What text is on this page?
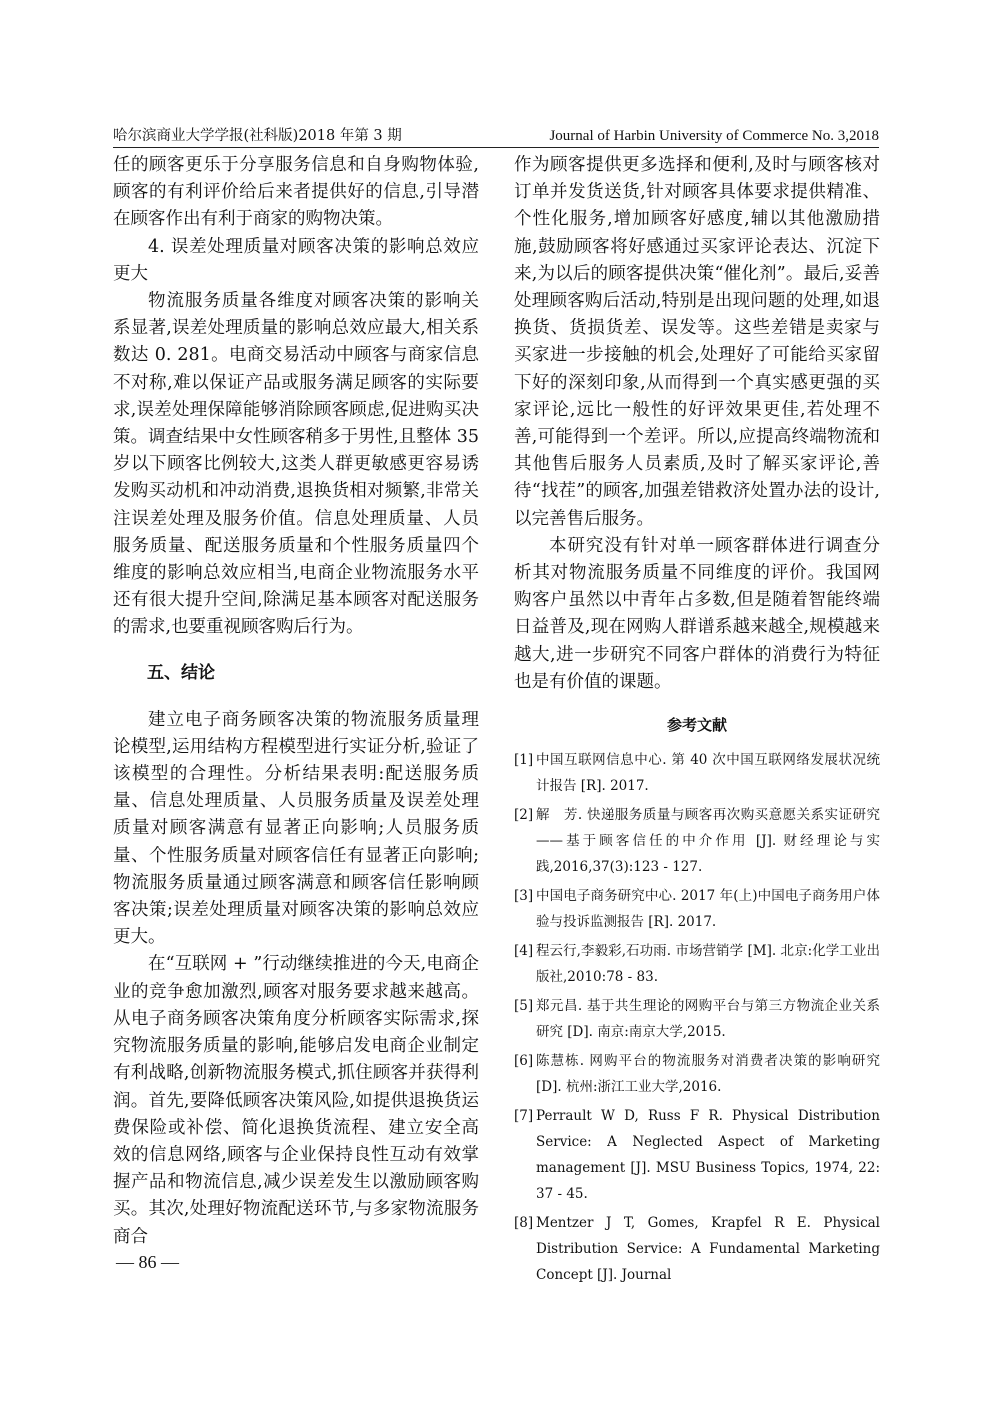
哈尔滨商业大学学报(社科版)2018 年第 3 期	Journal of Harbin University of Commerce No. 3,2018

任的顾客更乐于分享服务信息和自身购物体验,顾客的有利评价给后来者提供好的信息,引导潜在顾客作出有利于商家的购物决策。

4. 误差处理质量对顾客决策的影响总效应更大

物流服务质量各维度对顾客决策的影响关系显著,误差处理质量的影响总效应最大,相关系数达 0. 281。电商交易活动中顾客与商家信息不对称,难以保证产品或服务满足顾客的实际要求,误差处理保障能够消除顾客顾虑,促进购买决策。调查结果中女性顾客稍多于男性,且整体 35 岁以下顾客比例较大,这类人群更敏感更容易诱发购买动机和冲动消费,退换货相对频繁,非常关注误差处理及服务价值。信息处理质量、人员服务质量、配送服务质量和个性服务质量四个维度的影响总效应相当,电商企业物流服务水平还有很大提升空间,除满足基本顾客对配送服务的需求,也要重视顾客购后行为。

五、结论

建立电子商务顾客决策的物流服务质量理论模型,运用结构方程模型进行实证分析,验证了该模型的合理性。分析结果表明:配送服务质量、信息处理质量、人员服务质量及误差处理质量对顾客满意有显著正向影响;人员服务质量、个性服务质量对顾客信任有显著正向影响;物流服务质量通过顾客满意和顾客信任影响顾客决策;误差处理质量对顾客决策的影响总效应更大。

在“互联网 + ”行动继续推进的今天,电商企业的竞争愈加激烈,顾客对服务要求越来越高。从电子商务顾客决策角度分析顾客实际需求,探究物流服务质量的影响,能够启发电商企业制定有利战略,创新物流服务模式,抓住顾客并获得利润。首先,要降低顾客决策风险,如提供退换货运费保险或补偿、简化退换货流程、建立安全高效的信息网络,顾客与企业保持良性互动有效掌握产品和物流信息,减少误差发生以激励顾客购买。其次,处理好物流配送环节,与多家物流服务商合

作为顾客提供更多选择和便利,及时与顾客核对订单并发货送货,针对顾客具体要求提供精准、个性化服务,增加顾客好感度,辅以其他激励措施,鼓励顾客将好感通过买家评论表达、沉淀下来,为以后的顾客提供决策“催化剂”。最后,妥善处理顾客购后活动,特别是出现问题的处理,如退换货、货损货差、误发等。这些差错是卖家与买家进一步接触的机会,处理好了可能给买家留下好的深刻印象,从而得到一个真实感更强的买家评论,远比一般性的好评效果更佳,若处理不善,可能得到一个差评。所以,应提高终端物流和其他售后服务人员素质,及时了解买家评论,善待“找茬”的顾客,加强差错救济处置办法的设计,以完善售后服务。

本研究没有针对单一顾客群体进行调查分析其对物流服务质量不同维度的评价。我国网购客户虽然以中青年占多数,但是随着智能终端日益普及,现在网购人群谱系越来越全,规模越来越大,进一步研究不同客户群体的消费行为特征也是有价值的课题。

参考文献
[1] 中国互联网信息中心. 第 40 次中国互联网络发展状况统计报告 [R]. 2017.
[2] 解　芳. 快递服务质量与顾客再次购买意愿关系实证研究——基于顾客信任的中介作用 [J]. 财经理论与实践,2016,37(3):123 - 127.
[3] 中国电子商务研究中心. 2017 年(上)中国电子商务用户体验与投诉监测报告 [R]. 2017.
[4] 程云行,李毅彩,石功雨. 市场营销学 [M]. 北京:化学工业出版社,2010:78 - 83.
[5] 郑元昌. 基于共生理论的网购平台与第三方物流企业关系研究 [D]. 南京:南京大学,2015.
[6] 陈慧栋. 网购平台的物流服务对消费者决策的影响研究 [D]. 杭州:浙江工业大学,2016.
[7] Perrault W D, Russ F R. Physical Distribution Service: A Neglected Aspect of Marketing management [J]. MSU Business Topics, 1974, 22: 37 - 45.
[8] Mentzer J T, Gomes, Krapfel R E. Physical Distribution Service: A Fundamental Marketing Concept [J]. Journal
— 86 —
